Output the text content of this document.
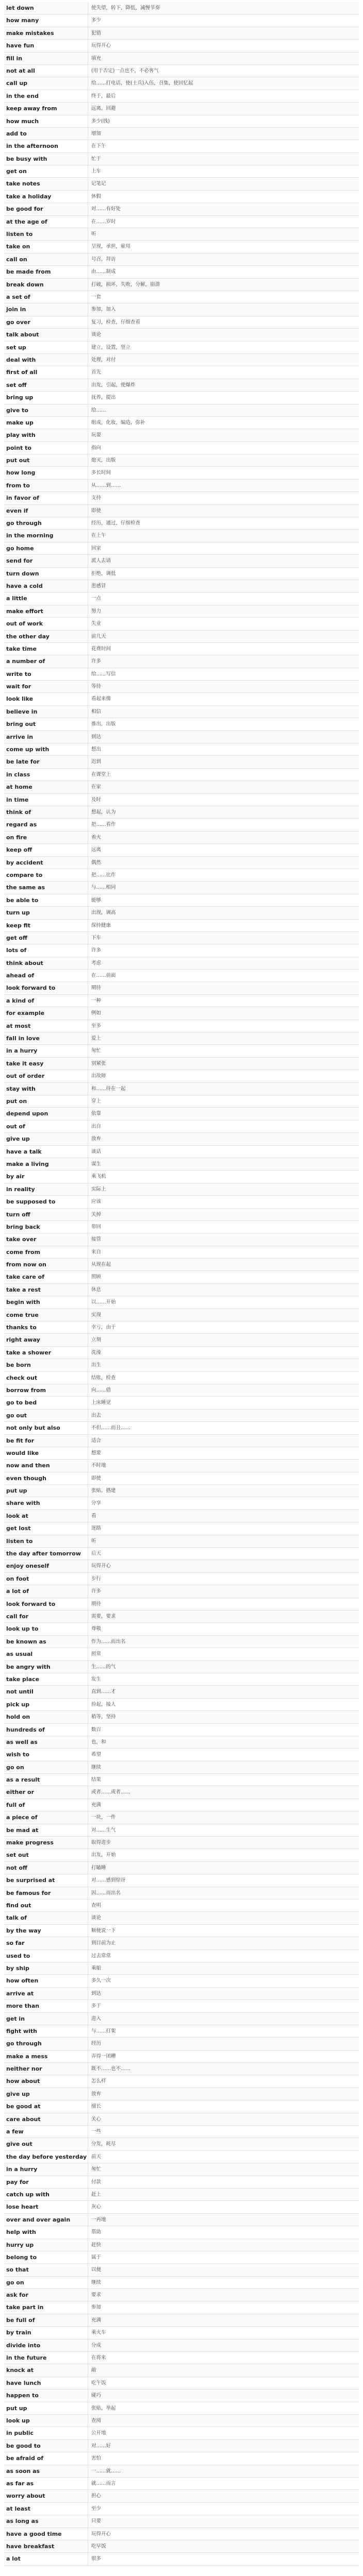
let down	使失望，转下，降低，减慢节奏
how many	多少
make mistakes	犯错
have fun	玩得开心
fill in	填充
not at all	(用于否定)一点也不，不必客气
call up	给……打电话，使(士兵)入伍，召集，使回忆起
in the end	终于，最后
keep away from	远离，回避
how much	多少(钱)
add to	增加
in the afternoon	在下午
be busy with	忙于
get on	上车
take notes	记笔记
take a holiday	休假
be good for	对……有好处
at the age of	在……岁时
listen to	听
take on	呈现，承担，雇用
call on	号召，拜访
be made from	由……制成
break down	打破，损坏，失败，分解，崩溃
a set of	一套
join in	参加，加入
go over	复习，检查，仔细查看
talk about	谈论
set up	建立，设置，竖立
deal with	处理，对付
first of all	首先
set off	出发，引起，使爆炸
bring up	抚养，提出
give to	给……
make up	组成，化妆，编造，弥补
play with	玩耍
point to	指向
put out	熄灭，出版
how long	多长时间
from to	从……到……
in favor of	支持
even if	即使
go through	经历，通过，仔细检查
in the morning	在上午
go home	回家
send for	派人去请
turn down	拒绝，调低
have a cold	患感冒
a little	一点
make effort	努力
out of work	失业
the other day	前几天
take time	花费时间
a number of	许多
write to	给……写信
wait for	等待
look like	看起来像
believe in	相信
bring out	推出，出版
arrive in	到达
come up with	想出
be late for	迟到
in class	在课堂上
at home	在家
in time	及时
think of	想起，认为
regard as	把……看作
on fire	着火
keep off	远离
by accident	偶然
compare to	把……比作
the same as	与……相同
be able to	能够
turn up	出现，调高
keep fit	保持健康
get off	下车
lots of	许多
think about	考虑
ahead of	在……前面
look forward to	期待
a kind of	一种
for example	例如
at most	至多
fall in love	爱上
in a hurry	匆忙
take it easy	别紧张
out of order	出故障
stay with	和……待在一起
put on	穿上
depend upon	依靠
out of	出自
give up	放弃
have a talk	谈话
make a living	谋生
by air	乘飞机
in reality	实际上
be supposed to	应该
turn off	关掉
bring back	带回
take over	接管
come from	来自
from now on	从现在起
take care of	照顾
take a rest	休息
begin with	以……开始
come true	实现
thanks to	幸亏，由于
right away	立刻
take a shower	洗澡
be born	出生
check out	结账，检查
borrow from	向……借
go to bed	上床睡觉
go out	出去
not only but also	不但……而且……
be fit for	适合
would like	想要
now and then	不时地
even though	即使
put up	张贴，搭建
share with	分享
look at	看
get lost	迷路
listen to	听
the day after tomorrow	后天
enjoy oneself	玩得开心
on foot	步行
a lot of	许多
look forward to	期待
call for	需要，要求
look up to	尊敬
be known as	作为……而出名
as usual	照常
be angry with	生……的气
take place	发生
not until	直到……才
pick up	捡起，接人
hold on	稍等，坚持
hundreds of	数百
as well as	也，和
wish to	希望
go on	继续
as a result	结果
either or	或者……或者……
full of	充满
a piece of	一块，一件
be mad at	对……生气
make progress	取得进步
set out	出发，开始
not off	打瞌睡
be surprised at	对……感到惊讶
be famous for	因……而出名
find out	查明
talk of	谈论
by the way	顺便说一下
so far	到目前为止
used to	过去常常
by ship	乘船
how often	多久一次
arrive at	到达
more than	多于
get in	进入
fight with	与……打架
go through	经历
make a mess	弄得一团糟
neither nor	既不……也不……
how about	怎么样
give up	放弃
be good at	擅长
care about	关心
a few	一些
give out	分发，耗尽
the day before yesterday 前天
in a hurry	匆忙
pay for	付款
catch up with	赶上
lose heart	灰心
over and over again	一再地
help with	帮助
hurry up	赶快
belong to	属于
so that	以便
go on	继续
ask for	要求
take part in	参加
be full of	充满
by train	乘火车
divide into	分成
in the future	在将来
knock at	敲
have lunch	吃午饭
happen to	碰巧
put up	张贴，举起
look up	查阅
in public	公开地
be good to	对……好
be afraid of	害怕
as soon as	一……就……
as far as	就……而言
worry about	担心
at least	至少
as long as	只要
have a good time	玩得开心
have breakfast	吃早饭
a lot	很多
